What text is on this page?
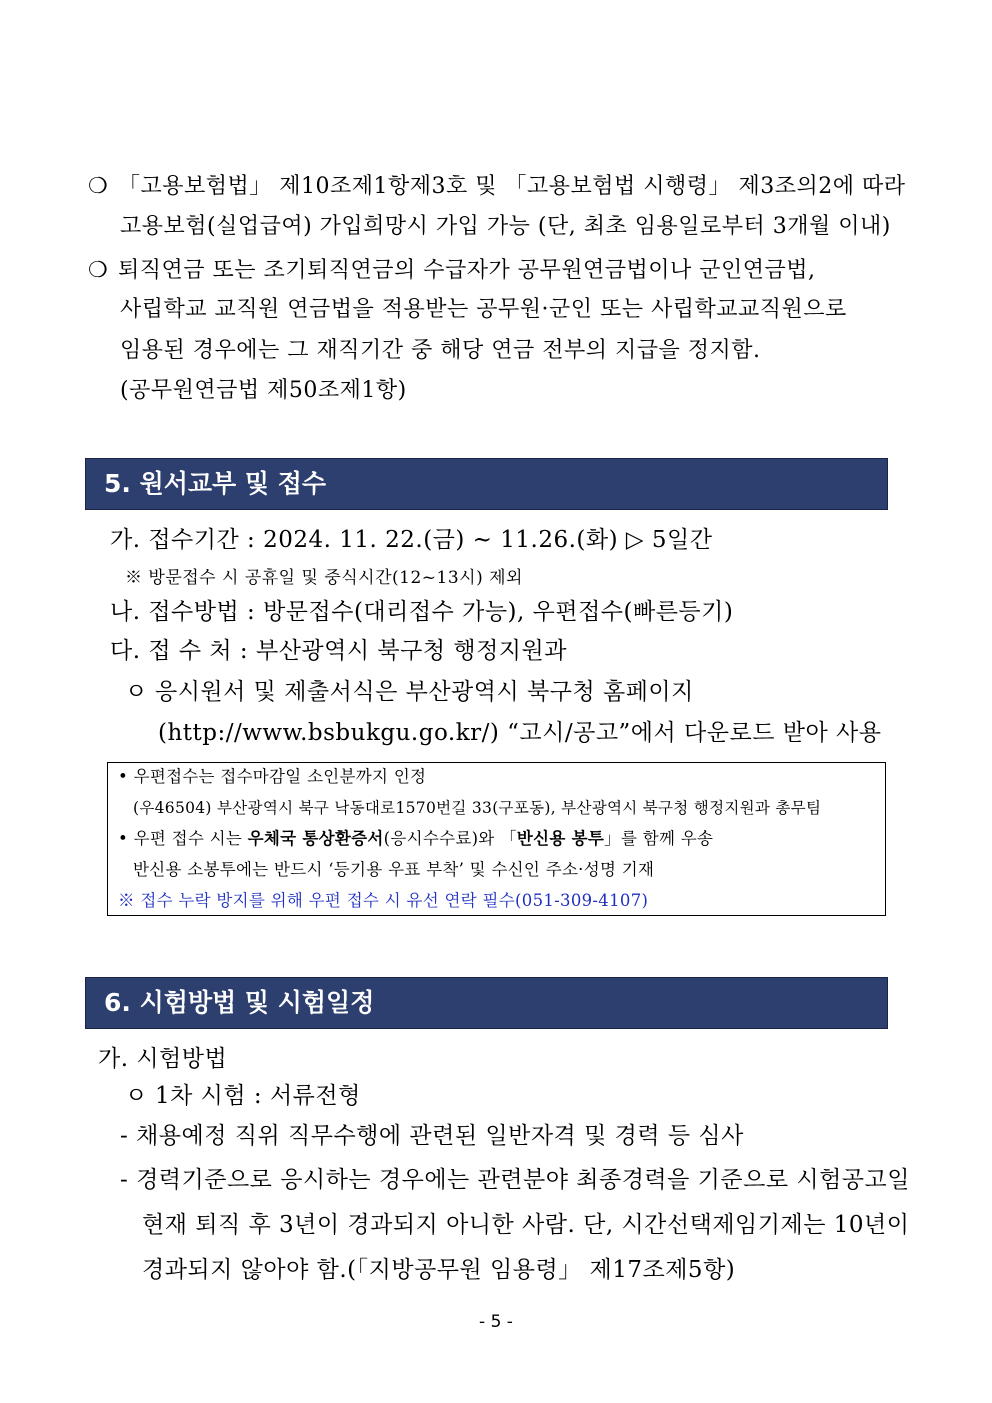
❍ 「고용보험법」 제10조제1항제3호 및 「고용보험법 시행령」 제3조의2에 따라
고용보험(실업급여) 가입희망시 가입 가능 (단, 최초 임용일로부터 3개월 이내)
❍ 퇴직연금 또는 조기퇴직연금의 수급자가 공무원연금법이나 군인연금법,
사립학교 교직원 연금법을 적용받는 공무원·군인 또는 사립학교교직원으로
임용된 경우에는 그 재직기간 중 해당 연금 전부의 지급을 정지함.
(공무원연금법 제50조제1항)
5. 원서교부 및 접수
가. 접수기간 : 2024. 11. 22.(금) ~ 11.26.(화) ▷ 5일간
※ 방문접수 시 공휴일 및 중식시간(12~13시) 제외
나. 접수방법 : 방문접수(대리접수 가능), 우편접수(빠른등기)
다. 접 수 처 : 부산광역시 북구청 행정지원과
ㅇ 응시원서 및 제출서식은 부산광역시 북구청 홈페이지
(http://www.bsbukgu.go.kr/) “고시/공고”에서 다운로드 받아 사용
• 우편접수는 접수마감일 소인분까지 인정
(우46504) 부산광역시 북구 낙동대로1570번길 33(구포동), 부산광역시 북구청 행정지원과 총무팀
• 우편 접수 시는 우체국 통상환증서(응시수수료)와 「반신용 봉투」를 함께 우송
반신용 소봉투에는 반드시 ‘등기용 우표 부착’ 및 수신인 주소·성명 기재
※ 접수 누락 방지를 위해 우편 접수 시 유선 연락 필수(051-309-4107)
6. 시험방법 및 시험일정
가. 시험방법
ㅇ 1차 시험 : 서류전형
- 채용예정 직위 직무수행에 관련된 일반자격 및 경력 등 심사
- 경력기준으로 응시하는 경우에는 관련분야 최종경력을 기준으로 시험공고일
현재 퇴직 후 3년이 경과되지 아니한 사람. 단, 시간선택제임기제는 10년이
경과되지 않아야 함.(「지방공무원 임용령」 제17조제5항)
- 5 -
